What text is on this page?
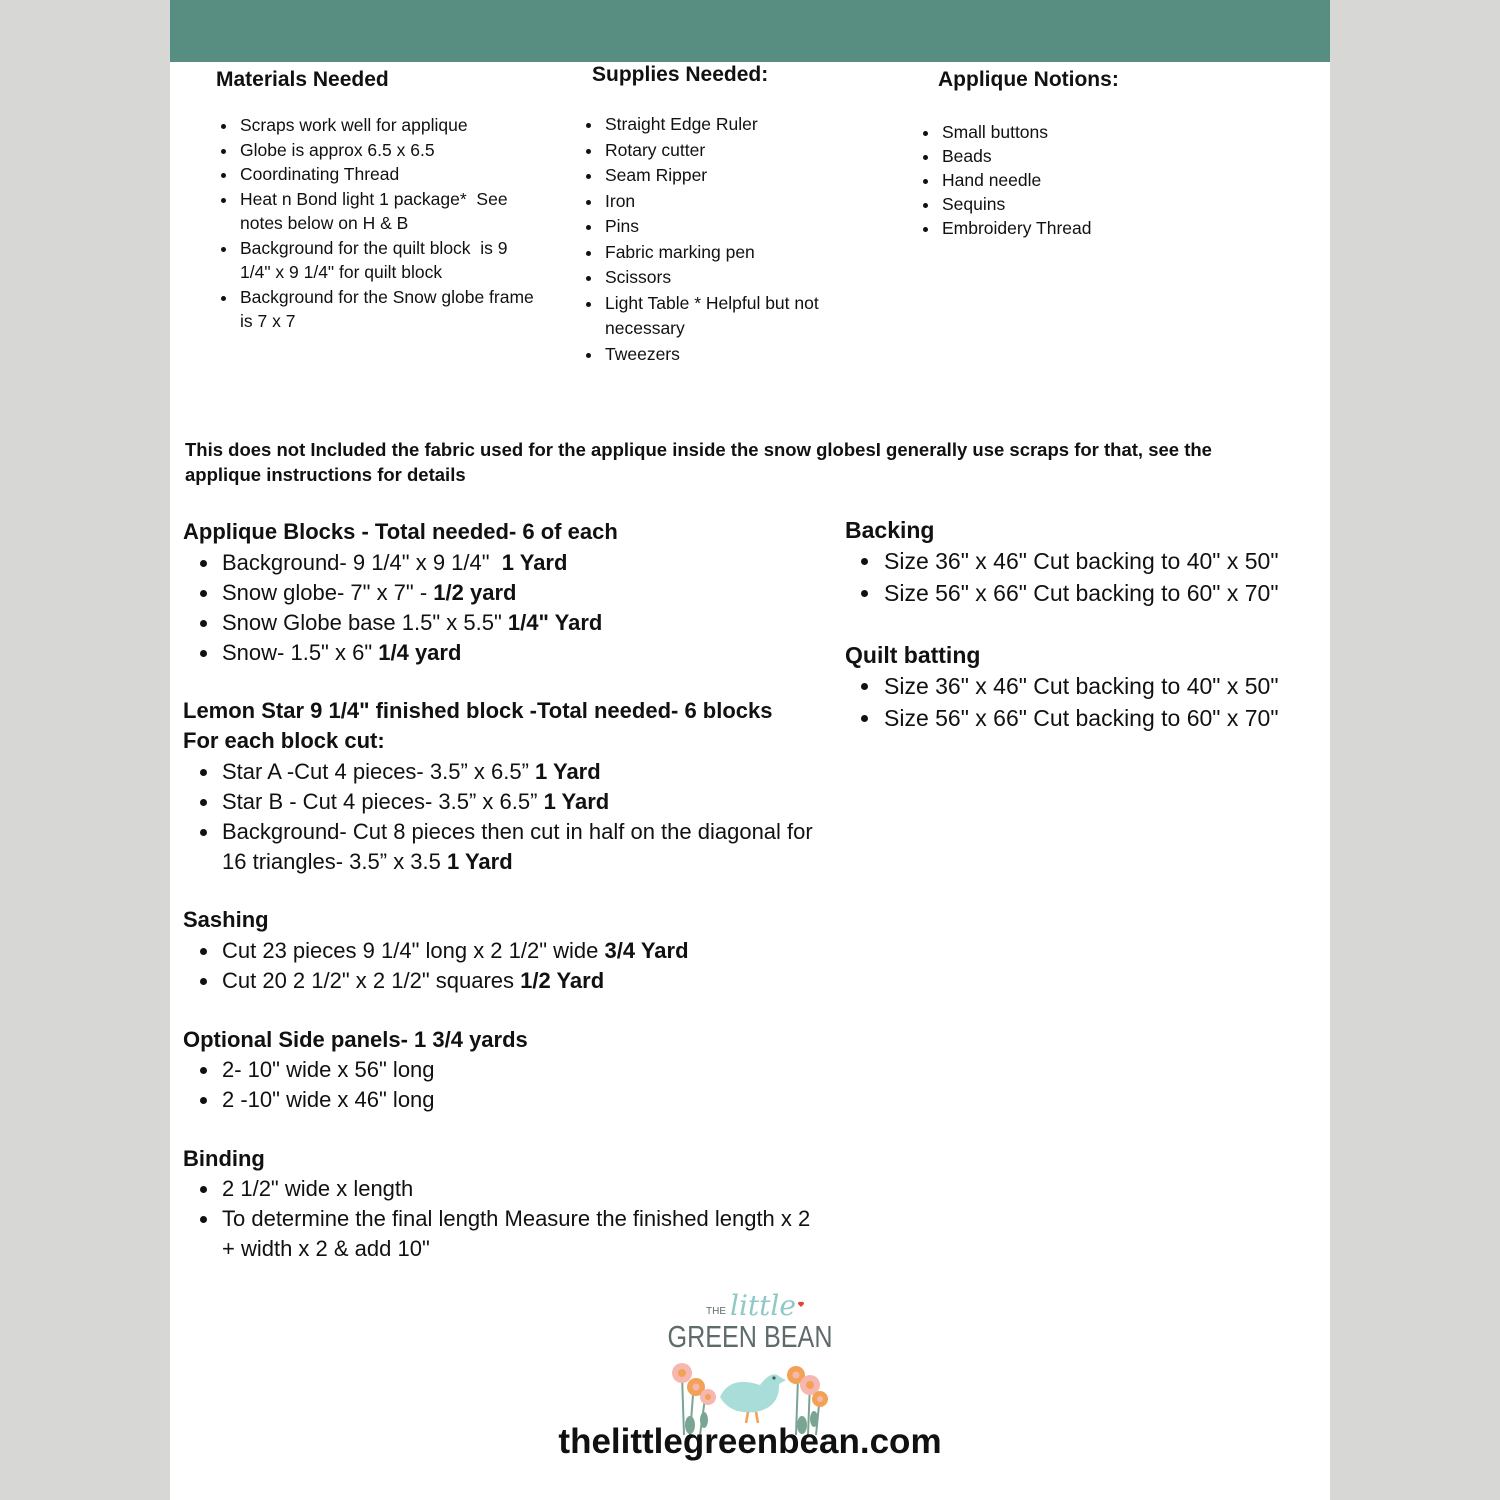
Materials Needed
• Scraps work well for applique
• Globe is approx 6.5 x 6.5
• Coordinating Thread
• Heat n Bond light 1 package*  See notes below on H & B
• Background for the quilt block  is 9 1/4" x 9 1/4" for quilt block
• Background for the Snow globe frame is 7 x 7
Supplies Needed:
• Straight Edge Ruler
• Rotary cutter
• Seam Ripper
• Iron
• Pins
• Fabric marking pen
• Scissors
• Light Table * Helpful but not necessary
• Tweezers
Applique Notions:
• Small buttons
• Beads
• Hand needle
• Sequins
• Embroidery Thread

This does not Included the fabric used for the applique inside the snow globesI generally use scraps for that, see the applique instructions for details

Applique Blocks - Total needed- 6 of each
• Background- 9 1/4" x 9 1/4"  1 Yard
• Snow globe- 7" x 7" - 1/2 yard
• Snow Globe base 1.5" x 5.5" 1/4" Yard
• Snow- 1.5" x 6" 1/4 yard
Lemon Star 9 1/4" finished block -Total needed- 6 blocks
For each block cut:
• Star A -Cut 4 pieces- 3.5” x 6.5” 1 Yard
• Star B - Cut 4 pieces- 3.5” x 6.5” 1 Yard
• Background- Cut 8 pieces then cut in half on the diagonal for 16 triangles- 3.5” x 3.5 1 Yard
Sashing
• Cut 23 pieces 9 1/4" long x 2 1/2" wide 3/4 Yard
• Cut 20 2 1/2" x 2 1/2" squares 1/2 Yard
Optional Side panels- 1 3/4 yards
• 2- 10" wide x 56" long
• 2 -10" wide x 46" long
Binding
• 2 1/2" wide x length
• To determine the final length Measure the finished length x 2 + width x 2 & add 10"
Backing
• Size 36" x 46" Cut backing to 40" x 50"
• Size 56" x 66" Cut backing to 60" x 70"
Quilt batting
• Size 36" x 46" Cut backing to 40" x 50"
• Size 56" x 66" Cut backing to 60" x 70"
THE little
GREEN BEAN

thelittlegreenbean.com
